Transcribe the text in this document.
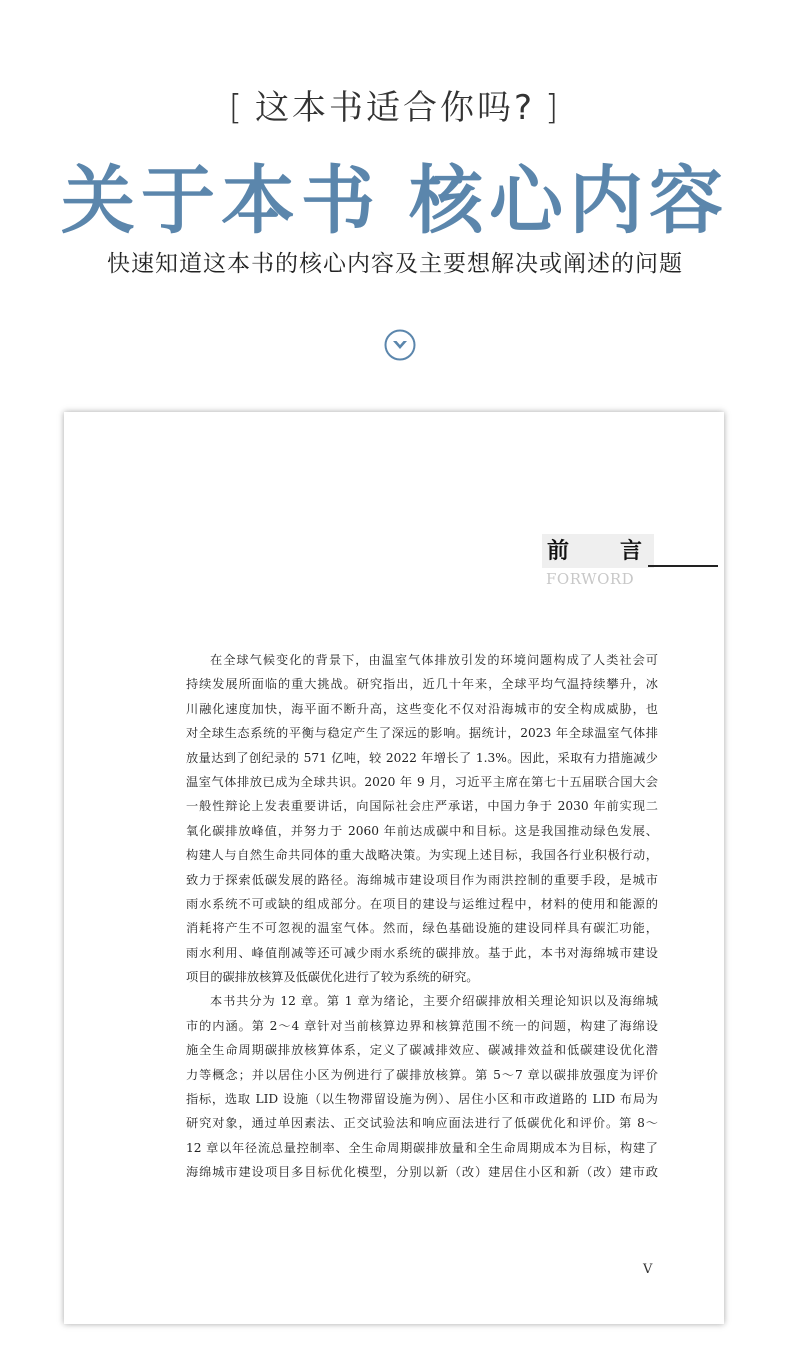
[ 这本书适合你吗? ]
关于本书 核心内容
快速知道这本书的核心内容及主要想解决或阐述的问题
前 言
FORWORD
在全球气候变化的背景下，由温室气体排放引发的环境问题构成了人类社会可
持续发展所面临的重大挑战。研究指出，近几十年来，全球平均气温持续攀升，冰
川融化速度加快，海平面不断升高，这些变化不仅对沿海城市的安全构成威胁，也
对全球生态系统的平衡与稳定产生了深远的影响。据统计，2023 年全球温室气体排
放量达到了创纪录的 571 亿吨，较 2022 年增长了 1.3%。因此，采取有力措施减少
温室气体排放已成为全球共识。2020 年 9 月，习近平主席在第七十五届联合国大会
一般性辩论上发表重要讲话，向国际社会庄严承诺，中国力争于 2030 年前实现二
氧化碳排放峰值，并努力于 2060 年前达成碳中和目标。这是我国推动绿色发展、
构建人与自然生命共同体的重大战略决策。为实现上述目标，我国各行业积极行动，
致力于探索低碳发展的路径。海绵城市建设项目作为雨洪控制的重要手段，是城市
雨水系统不可或缺的组成部分。在项目的建设与运维过程中，材料的使用和能源的
消耗将产生不可忽视的温室气体。然而，绿色基础设施的建设同样具有碳汇功能，
雨水利用、峰值削减等还可减少雨水系统的碳排放。基于此，本书对海绵城市建设
项目的碳排放核算及低碳优化进行了较为系统的研究。
本书共分为 12 章。第 1 章为绪论，主要介绍碳排放相关理论知识以及海绵城
市的内涵。第 2～4 章针对当前核算边界和核算范围不统一的问题，构建了海绵设
施全生命周期碳排放核算体系，定义了碳减排效应、碳减排效益和低碳建设优化潜
力等概念；并以居住小区为例进行了碳排放核算。第 5～7 章以碳排放强度为评价
指标，选取 LID 设施（以生物滞留设施为例）、居住小区和市政道路的 LID 布局为
研究对象，通过单因素法、正交试验法和响应面法进行了低碳优化和评价。第 8～
12 章以年径流总量控制率、全生命周期碳排放量和全生命周期成本为目标，构建了
海绵城市建设项目多目标优化模型，分别以新（改）建居住小区和新（改）建市政
V
